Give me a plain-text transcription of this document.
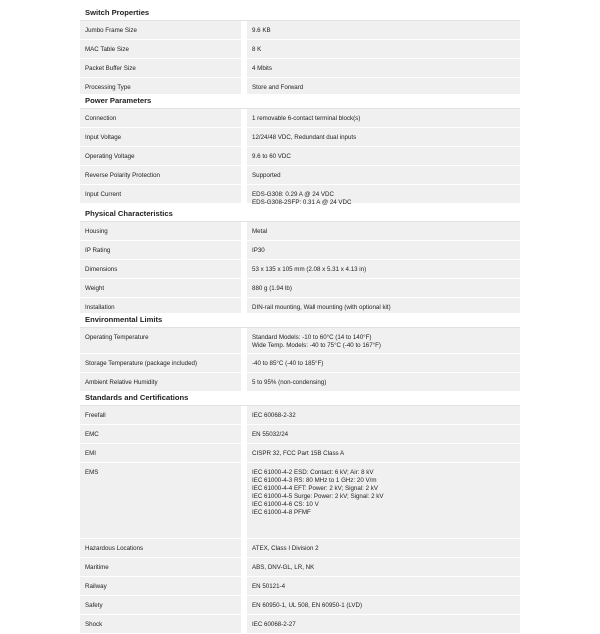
Switch Properties
Jumbo Frame Size	9.6 KB
MAC Table Size	8 K
Packet Buffer Size	4 Mbits
Processing Type	Store and Forward
Power Parameters
Connection	1 removable 6-contact terminal block(s)
Input Voltage	12/24/48 VDC, Redundant dual inputs
Operating Voltage	9.6 to 60 VDC
Reverse Polarity Protection	Supported
Input Current	EDS-G308: 0.29 A @ 24 VDC
EDS-G308-2SFP: 0.31 A @ 24 VDC
Physical Characteristics
Housing	Metal
IP Rating	IP30
Dimensions	53 x 135 x 105 mm (2.08 x 5.31 x 4.13 in)
Weight	880 g (1.94 lb)
Installation	DIN-rail mounting, Wall mounting (with optional kit)
Environmental Limits
Operating Temperature	Standard Models: -10 to 60°C (14 to 140°F)
Wide Temp. Models: -40 to 75°C (-40 to 167°F)
Storage Temperature (package included)	-40 to 85°C (-40 to 185°F)
Ambient Relative Humidity	5 to 95% (non-condensing)
Standards and Certifications
Freefall	IEC 60068-2-32
EMC	EN 55032/24
EMI	CISPR 32, FCC Part 15B Class A
EMS	IEC 61000-4-2 ESD: Contact: 6 kV; Air: 8 kV
IEC 61000-4-3 RS: 80 MHz to 1 GHz: 20 V/m
IEC 61000-4-4 EFT: Power: 2 kV; Signal: 2 kV
IEC 61000-4-5 Surge: Power: 2 kV; Signal: 2 kV
IEC 61000-4-6 CS: 10 V
IEC 61000-4-8 PFMF
Hazardous Locations	ATEX, Class I Division 2
Maritime	ABS, DNV-GL, LR, NK
Railway	EN 50121-4
Safety	EN 60950-1, UL 508, EN 60950-1 (LVD)
Shock	IEC 60068-2-27
